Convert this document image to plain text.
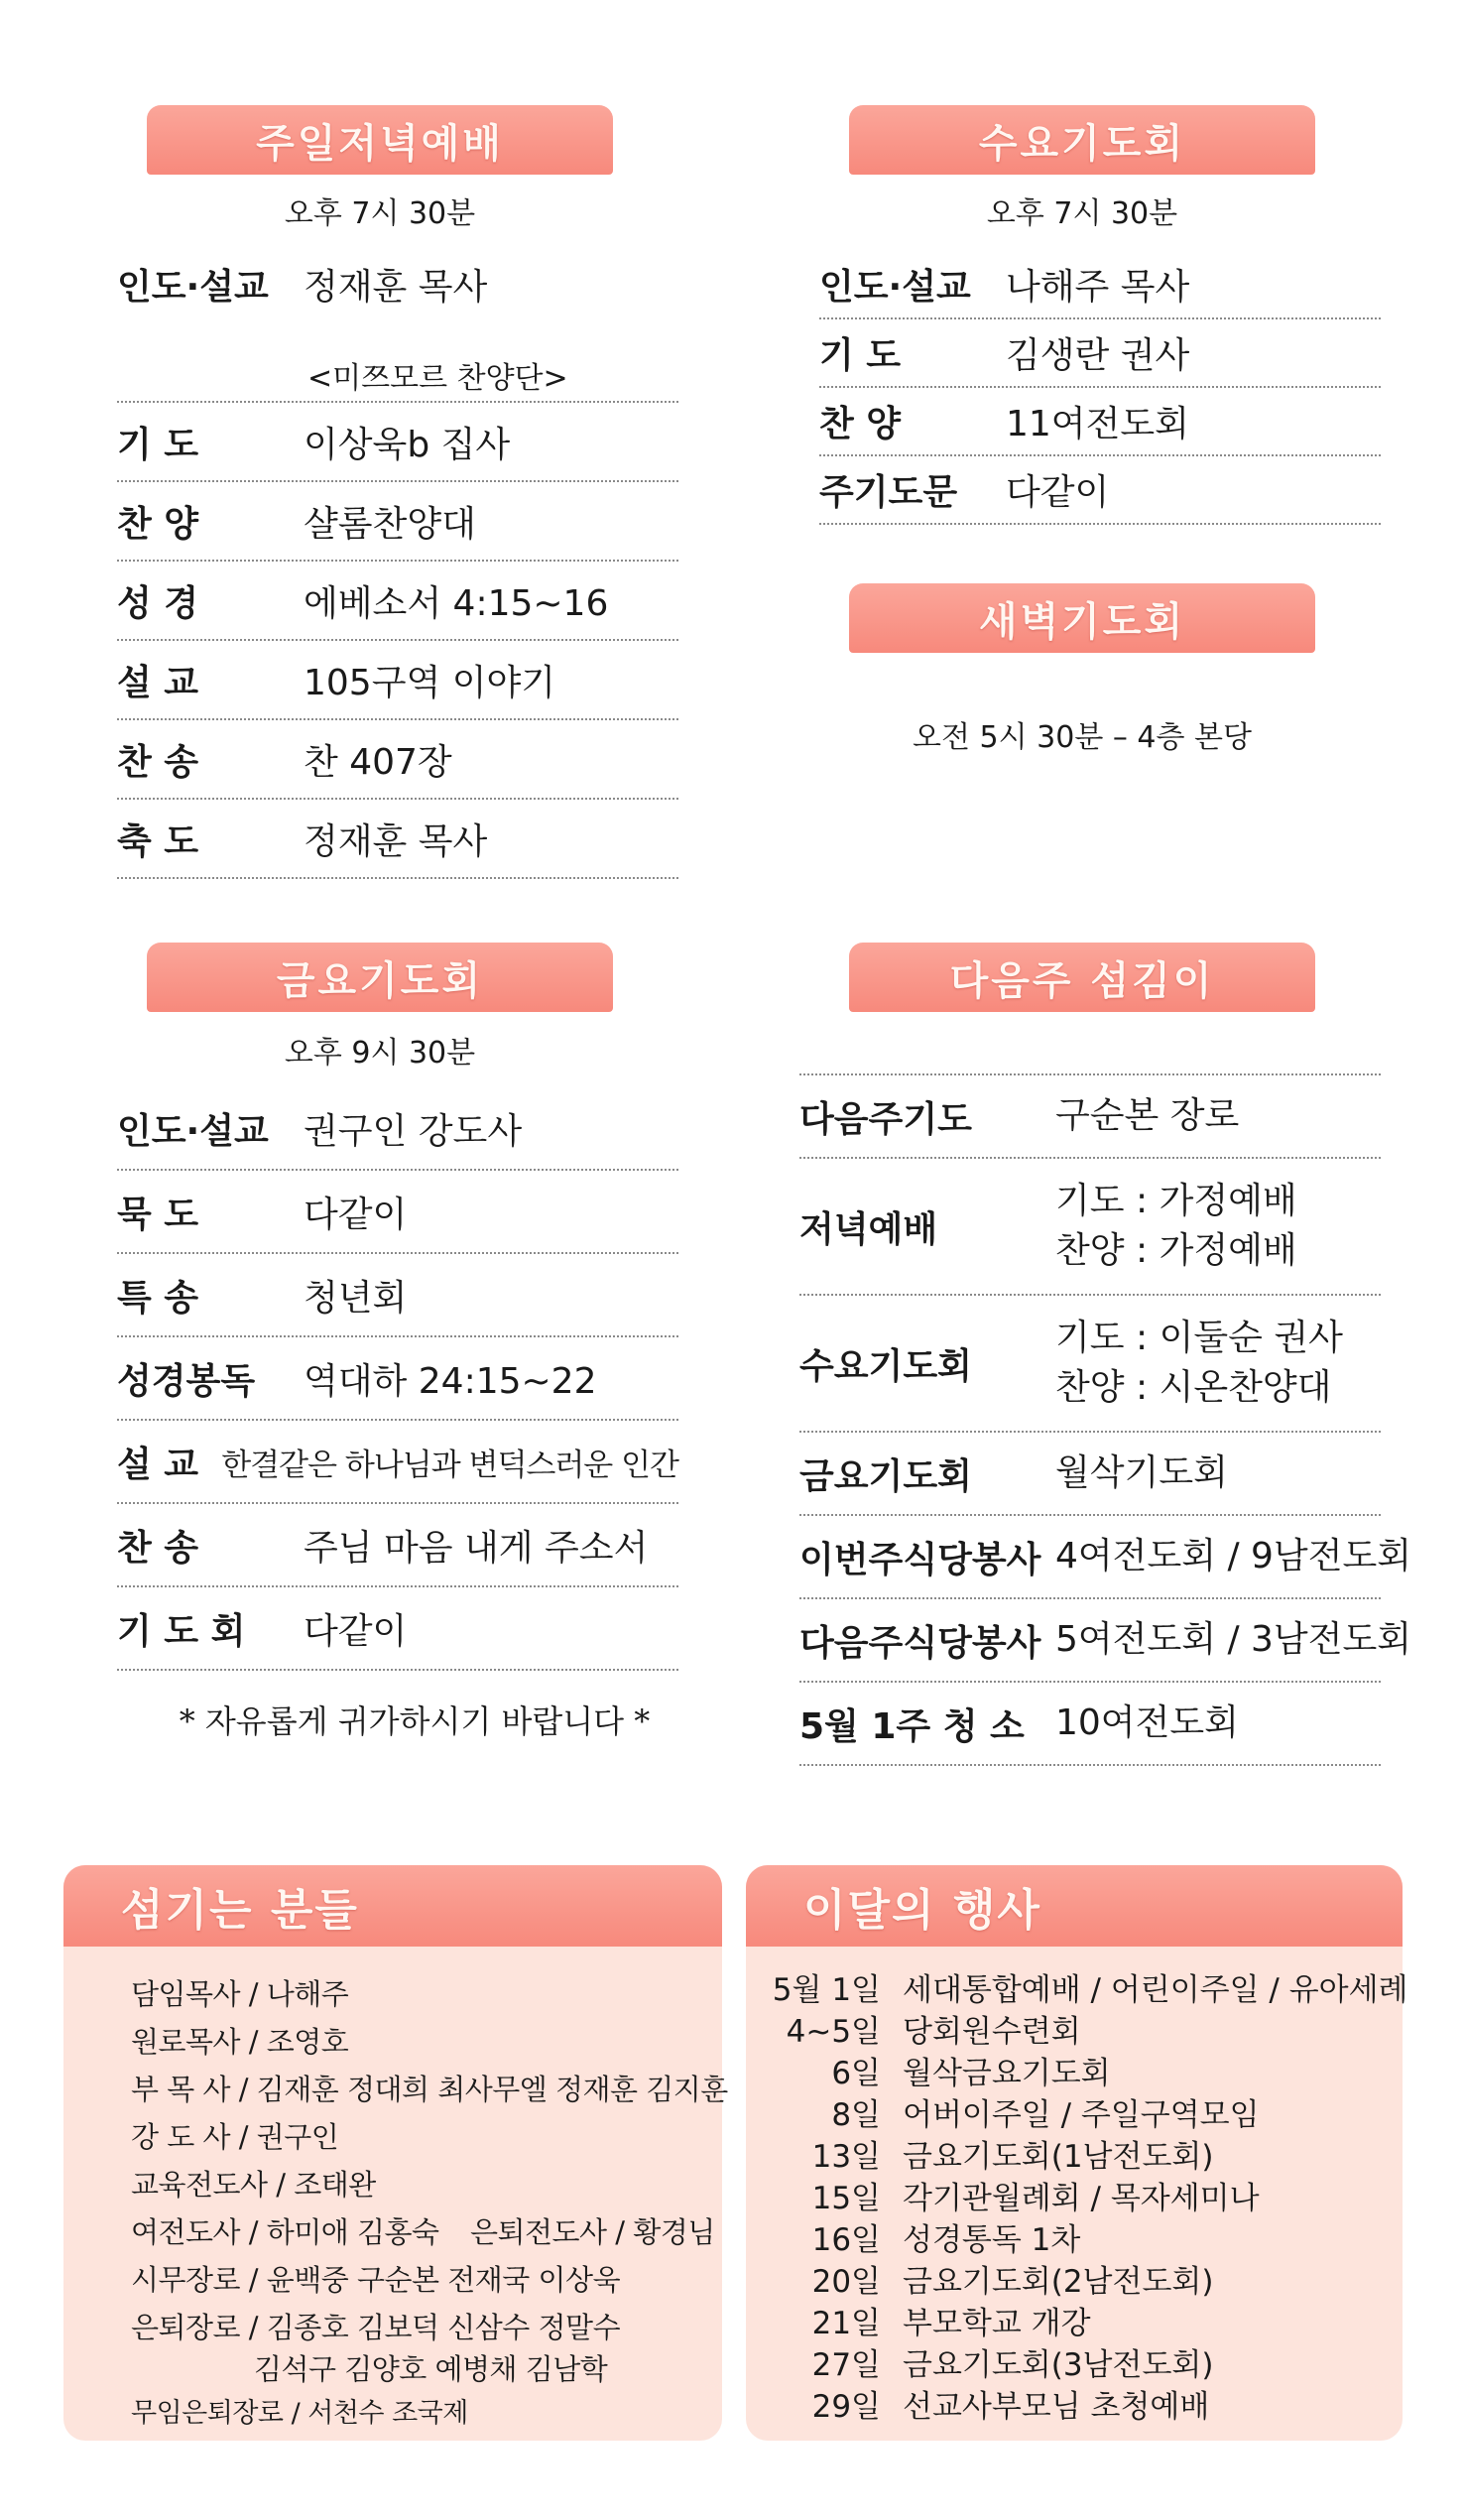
주일저녁예배
오후 7시 30분
인도·설교 정재훈 목사
<미쯔모르 찬양단>
기 도	이상욱b 집사
찬 양	샬롬찬양대
성 경	에베소서 4:15~16
설 교	105구역 이야기
찬 송	찬 407장
축 도	정재훈 목사
수요기도회
오후 7시 30분
인도·설교 나해주 목사
기 도	김생란 권사
찬 양	11여전도회
주기도문	다같이
새벽기도회
오전 5시 30분 – 4층 본당
금요기도회
오후 9시 30분
인도·설교 권구인 강도사
묵 도	다같이
특 송	청년회
성경봉독	역대하 24:15~22
설 교 한결같은 하나님과 변덕스러운 인간
찬 송	주님 마음 내게 주소서
기 도 회	다같이
* 자유롭게 귀가하시기 바랍니다 *
다음주 섬김이
다음주기도	구순본 장로
저녁예배
기도 : 가정예배
찬양 : 가정예배
수요기도회
기도 : 이둘순 권사
찬양 : 시온찬양대
금요기도회	월삭기도회
이번주식당봉사 4여전도회 / 9남전도회
다음주식당봉사 5여전도회 / 3남전도회
5월 1주 청 소 10여전도회
섬기는 분들
담임목사 / 나해주
원로목사 / 조영호
부 목 사 / 김재훈 정대희 최사무엘 정재훈 김지훈
강 도 사 / 권구인
교육전도사 / 조태완
여전도사 / 하미애 김홍숙 은퇴전도사 / 황경님
시무장로 / 윤백중 구순본 전재국 이상욱
은퇴장로 / 김종호 김보덕 신삼수 정말수
김석구 김양호 예병채 김남학
무임은퇴장로 / 서천수 조국제
이달의 행사
5월 1일 세대통합예배 / 어린이주일 / 유아세례
4~5일 당회원수련회
6일 월삭금요기도회
8일 어버이주일 / 주일구역모임
13일 금요기도회(1남전도회)
15일 각기관월례회 / 목자세미나
16일 성경통독 1차
20일 금요기도회(2남전도회)
21일 부모학교 개강
27일 금요기도회(3남전도회)
29일 선교사부모님 초청예배
